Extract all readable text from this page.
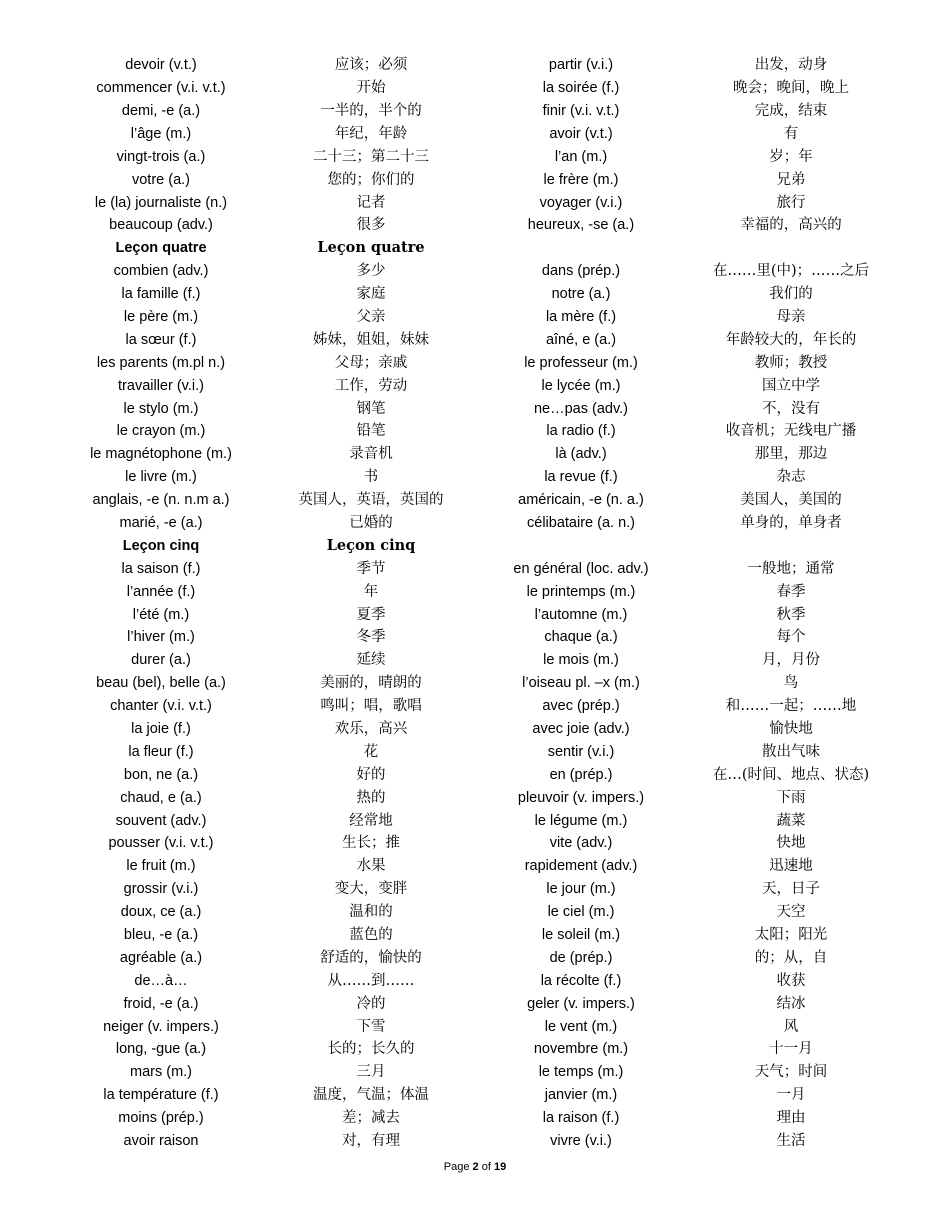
devoir (v.t.)	应该；必须	partir (v.i.)	出发，动身
commencer (v.i. v.t.)	开始	la soirée (f.)	晚会；晚间，晚上
demi, -e (a.)	一半的，半个的	finir (v.i. v.t.)	完成，结束
l’âge (m.)	年纪，年龄	avoir (v.t.)	有
vingt-trois (a.)	二十三；第二十三	l’an (m.)	岁；年
votre (a.)	您的；你们的	le frère (m.)	兄弟
le (la) journaliste (n.)	记者	voyager (v.i.)	旅行
beaucoup (adv.)	很多	heureux, -se (a.)	幸福的，高兴的
Leçon quatre	Leçon quatre
combien (adv.)	多少	dans (prép.)	在……里(中)；……之后
la famille (f.)	家庭	notre (a.)	我们的
le père (m.)	父亲	la mère (f.)	母亲
la sœur (f.)	姊妹，姐姐，妹妹	aîné, e (a.)	年龄较大的，年长的
les parents (m.pl n.)	父母；亲戚	le professeur (m.)	教师；教授
travailler (v.i.)	工作，劳动	le lycée (m.)	国立中学
le stylo (m.)	钢笔	ne…pas (adv.)	不，没有
le crayon (m.)	铅笔	la radio (f.)	收音机；无线电广播
le magnétophone (m.)	录音机	là (adv.)	那里，那边
le livre (m.)	书	la revue (f.)	杂志
anglais, -e (n. n.m a.)	英国人，英语，英国的	américain, -e (n. a.)	美国人，美国的
marié, -e (a.)	已婚的	célibataire (a. n.)	单身的，单身者
Leçon cinq	Leçon cinq
la saison (f.)	季节	en général (loc. adv.)	一般地；通常
l’année (f.)	年	le printemps (m.)	春季
l’été (m.)	夏季	l’automne (m.)	秋季
l’hiver (m.)	冬季	chaque (a.)	每个
durer (a.)	延续	le mois (m.)	月，月份
beau (bel), belle (a.)	美丽的，晴朗的	l’oiseau pl. –x (m.)	鸟
chanter (v.i. v.t.)	鸣叫；唱，歌唱	avec (prép.)	和……一起；……地
la joie (f.)	欢乐，高兴	avec joie (adv.)	愉快地
la fleur (f.)	花	sentir (v.i.)	散出气味
bon, ne (a.)	好的	en (prép.)	在…(时间、地点、状态)
chaud, e (a.)	热的	pleuvoir (v. impers.)	下雨
souvent (adv.)	经常地	le légume (m.)	蔬菜
pousser (v.i. v.t.)	生长；推	vite (adv.)	快地
le fruit (m.)	水果	rapidement (adv.)	迅速地
grossir (v.i.)	变大，变胖	le jour (m.)	天，日子
doux, ce (a.)	温和的	le ciel (m.)	天空
bleu, -e (a.)	蓝色的	le soleil (m.)	太阳；阳光
agréable (a.)	舒适的，愉快的	de (prép.)	的；从，自
de…à…	从……到……	la récolte (f.)	收获
froid, -e (a.)	冷的	geler (v. impers.)	结冰
neiger (v. impers.)	下雪	le vent (m.)	风
long, -gue (a.)	长的；长久的	novembre (m.)	十一月
mars (m.)	三月	le temps (m.)	天气；时间
la température (f.)	温度，气温；体温	janvier (m.)	一月
moins (prép.)	差；减去	la raison (f.)	理由
avoir raison	对，有理	vivre (v.i.)	生活
Page 2 of 19
